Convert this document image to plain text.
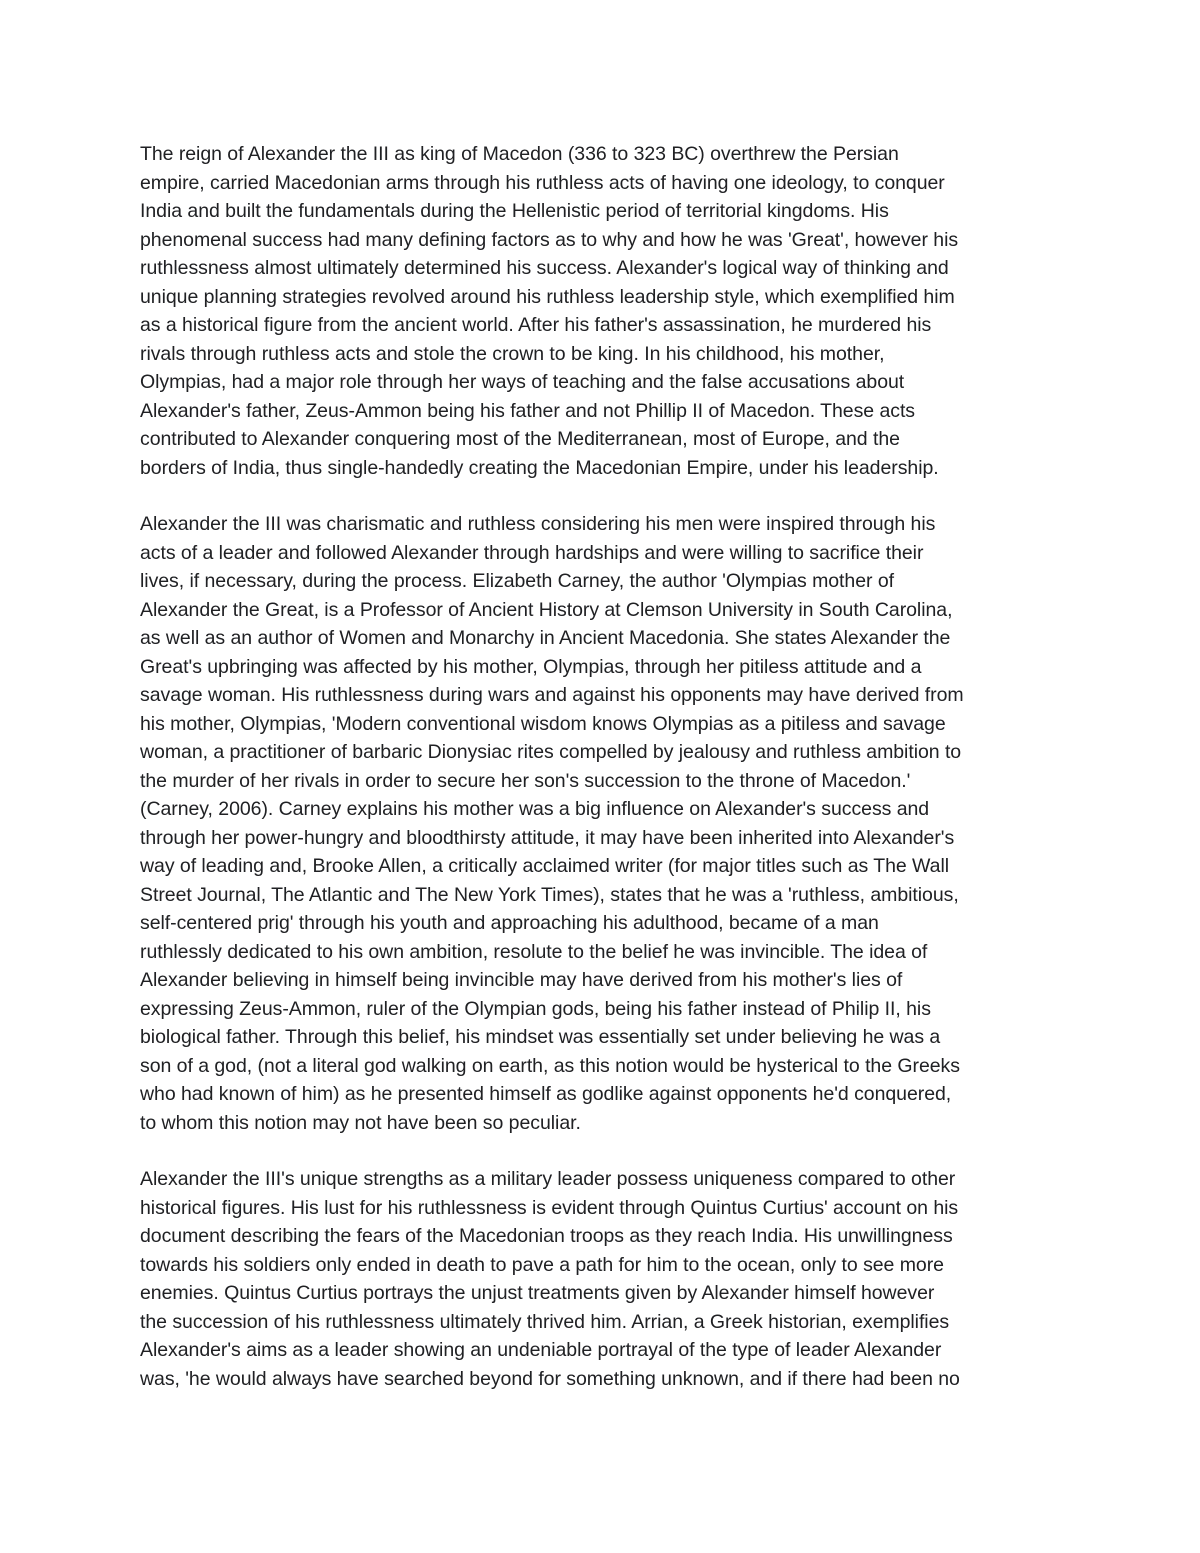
The reign of Alexander the III as king of Macedon (336 to 323 BC) overthrew the Persian
empire, carried Macedonian arms through his ruthless acts of having one ideology, to conquer
India and built the fundamentals during the Hellenistic period of territorial kingdoms. His
phenomenal success had many defining factors as to why and how he was 'Great', however his
ruthlessness almost ultimately determined his success. Alexander's logical way of thinking and
unique planning strategies revolved around his ruthless leadership style, which exemplified him
as a historical figure from the ancient world. After his father's assassination, he murdered his
rivals through ruthless acts and stole the crown to be king. In his childhood, his mother,
Olympias, had a major role through her ways of teaching and the false accusations about
Alexander's father, Zeus-Ammon being his father and not Phillip II of Macedon. These acts
contributed to Alexander conquering most of the Mediterranean, most of Europe, and the
borders of India, thus single-handedly creating the Macedonian Empire, under his leadership.
Alexander the III was charismatic and ruthless considering his men were inspired through his
acts of a leader and followed Alexander through hardships and were willing to sacrifice their
lives, if necessary, during the process. Elizabeth Carney, the author 'Olympias mother of
Alexander the Great, is a Professor of Ancient History at Clemson University in South Carolina,
as well as an author of Women and Monarchy in Ancient Macedonia. She states Alexander the
Great's upbringing was affected by his mother, Olympias, through her pitiless attitude and a
savage woman. His ruthlessness during wars and against his opponents may have derived from
his mother, Olympias, 'Modern conventional wisdom knows Olympias as a pitiless and savage
woman, a practitioner of barbaric Dionysiac rites compelled by jealousy and ruthless ambition to
the murder of her rivals in order to secure her son's succession to the throne of Macedon.'
(Carney, 2006). Carney explains his mother was a big influence on Alexander's success and
through her power-hungry and bloodthirsty attitude, it may have been inherited into Alexander's
way of leading and, Brooke Allen, a critically acclaimed writer (for major titles such as The Wall
Street Journal, The Atlantic and The New York Times), states that he was a 'ruthless, ambitious,
self-centered prig' through his youth and approaching his adulthood, became of a man
ruthlessly dedicated to his own ambition, resolute to the belief he was invincible. The idea of
Alexander believing in himself being invincible may have derived from his mother's lies of
expressing Zeus-Ammon, ruler of the Olympian gods, being his father instead of Philip II, his
biological father. Through this belief, his mindset was essentially set under believing he was a
son of a god, (not a literal god walking on earth, as this notion would be hysterical to the Greeks
who had known of him) as he presented himself as godlike against opponents he'd conquered,
to whom this notion may not have been so peculiar.
Alexander the III's unique strengths as a military leader possess uniqueness compared to other
historical figures. His lust for his ruthlessness is evident through Quintus Curtius' account on his
document describing the fears of the Macedonian troops as they reach India. His unwillingness
towards his soldiers only ended in death to pave a path for him to the ocean, only to see more
enemies. Quintus Curtius portrays the unjust treatments given by Alexander himself however
the succession of his ruthlessness ultimately thrived him. Arrian, a Greek historian, exemplifies
Alexander's aims as a leader showing an undeniable portrayal of the type of leader Alexander
was, 'he would always have searched beyond for something unknown, and if there had been no
